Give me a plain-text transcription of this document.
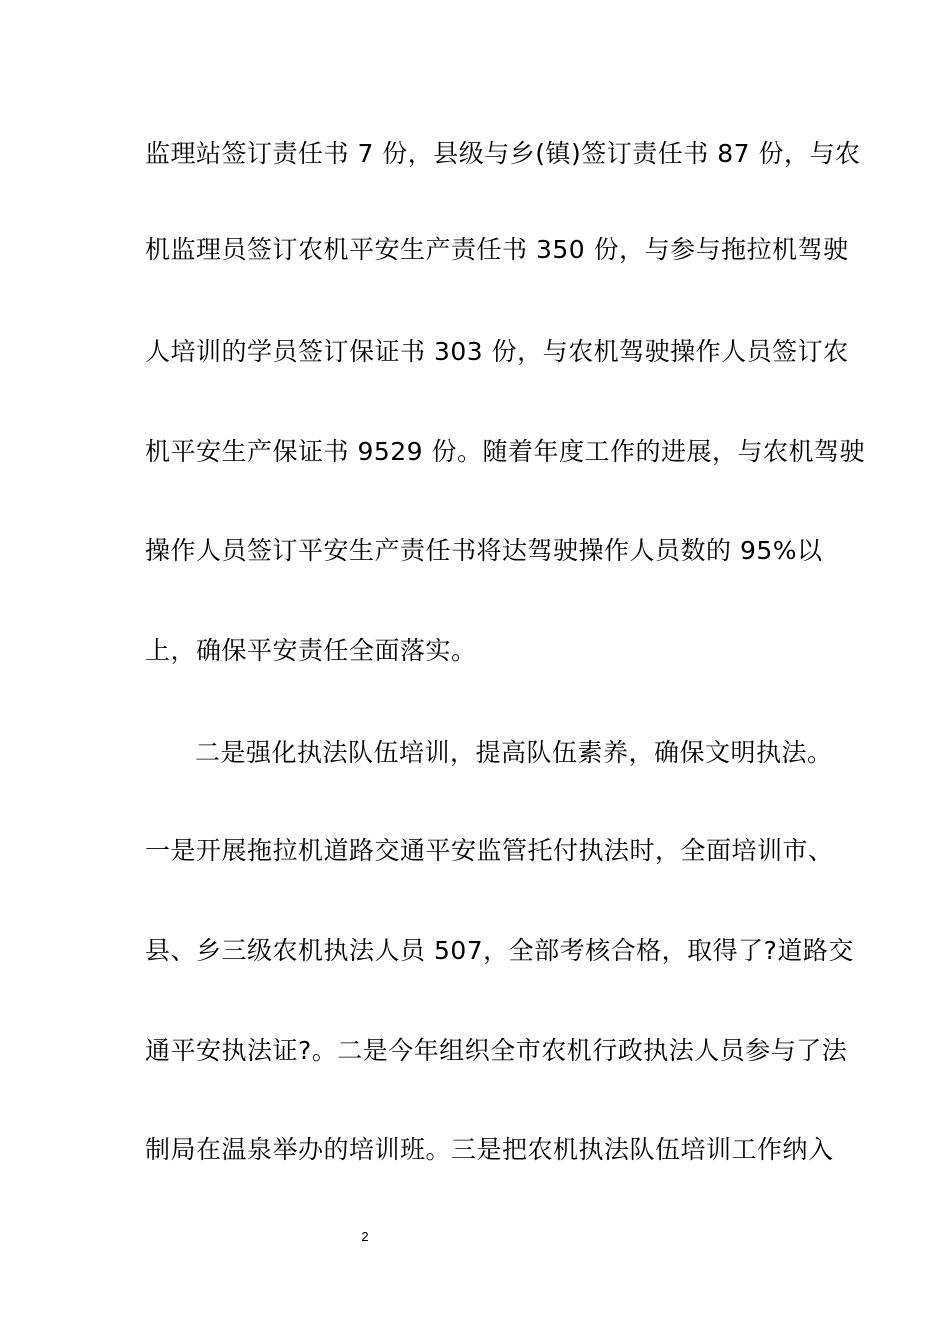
监理站签订责任书 7 份，县级与乡(镇)签订责任书 87 份，与农
机监理员签订农机平安生产责任书 350 份，与参与拖拉机驾驶
人培训的学员签订保证书 303 份，与农机驾驶操作人员签订农
机平安生产保证书 9529 份。随着年度工作的进展，与农机驾驶
操作人员签订平安生产责任书将达驾驶操作人员数的 95%以
上，确保平安责任全面落实。
二是强化执法队伍培训，提高队伍素养，确保文明执法。
一是开展拖拉机道路交通平安监管托付执法时，全面培训市、
县、乡三级农机执法人员 507，全部考核合格，取得了?道路交
通平安执法证?。二是今年组织全市农机行政执法人员参与了法
制局在温泉举办的培训班。三是把农机执法队伍培训工作纳入
2
